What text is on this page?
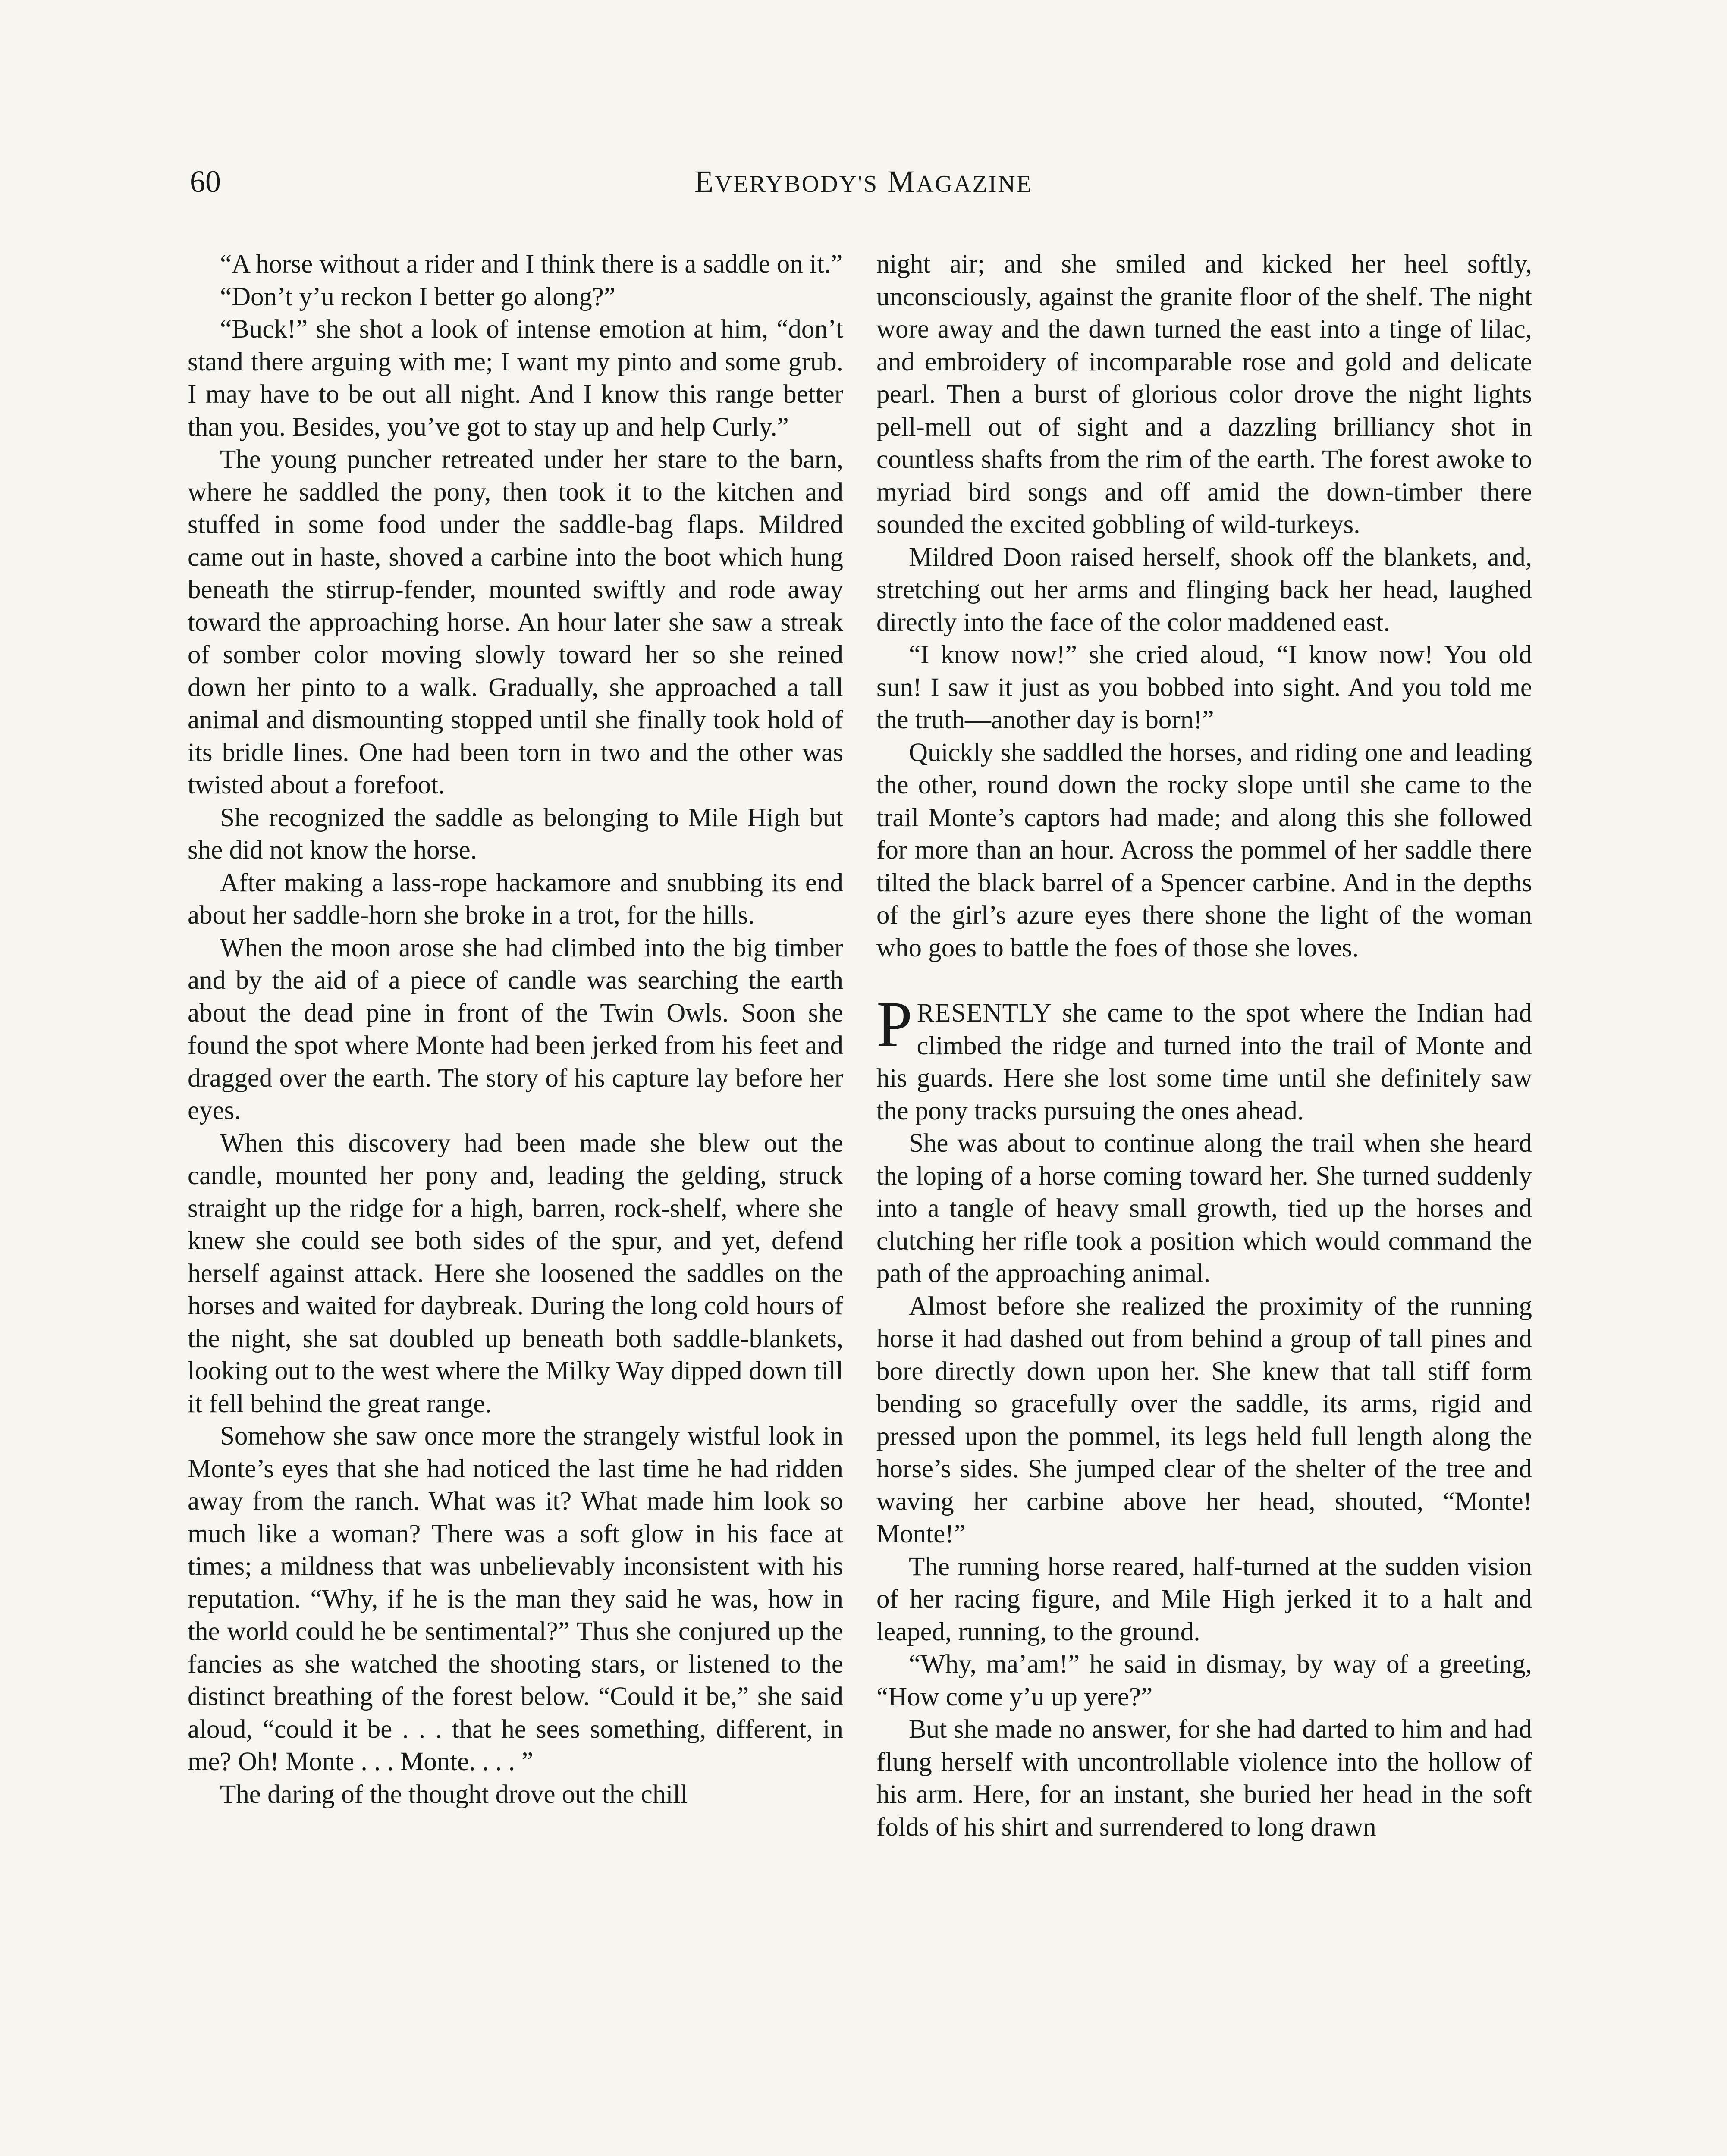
60	EVERYBODY'S MAGAZINE

“A horse without a rider and I think there is a saddle on it.”

“Don’t y’u reckon I better go along?”

“Buck!” she shot a look of intense emotion at him, “don’t stand there arguing with me; I want my pinto and some grub. I may have to be out all night. And I know this range better than you. Besides, you’ve got to stay up and help Curly.”

The young puncher retreated under her stare to the barn, where he saddled the pony, then took it to the kitchen and stuffed in some food under the saddle-bag flaps. Mildred came out in haste, shoved a carbine into the boot which hung beneath the stirrup-fender, mounted swiftly and rode away toward the approaching horse. An hour later she saw a streak of somber color moving slowly toward her so she reined down her pinto to a walk. Gradually, she approached a tall animal and dismounting stopped until she finally took hold of its bridle lines. One had been torn in two and the other was twisted about a forefoot.

She recognized the saddle as belonging to Mile High but she did not know the horse.

After making a lass-rope hackamore and snubbing its end about her saddle-horn she broke in a trot, for the hills.

When the moon arose she had climbed into the big timber and by the aid of a piece of candle was searching the earth about the dead pine in front of the Twin Owls. Soon she found the spot where Monte had been jerked from his feet and dragged over the earth. The story of his capture lay before her eyes.

When this discovery had been made she blew out the candle, mounted her pony and, leading the gelding, struck straight up the ridge for a high, barren, rock-shelf, where she knew she could see both sides of the spur, and yet, defend herself against attack. Here she loosened the saddles on the horses and waited for daybreak. During the long cold hours of the night, she sat doubled up beneath both saddle-blankets, looking out to the west where the Milky Way dipped down till it fell behind the great range.

Somehow she saw once more the strangely wistful look in Monte’s eyes that she had noticed the last time he had ridden away from the ranch. What was it? What made him look so much like a woman? There was a soft glow in his face at times; a mildness that was unbelievably inconsistent with his reputation. “Why, if he is the man they said he was, how in the world could he be sentimental?” Thus she conjured up the fancies as she watched the shooting stars, or listened to the distinct breathing of the forest below. “Could it be,” she said aloud, “could it be . . . that he sees something, different, in me? Oh! Monte . . . Monte. . . . ”

The daring of the thought drove out the chill

night air; and she smiled and kicked her heel softly, unconsciously, against the granite floor of the shelf. The night wore away and the dawn turned the east into a tinge of lilac, and embroidery of incomparable rose and gold and delicate pearl. Then a burst of glorious color drove the night lights pell-mell out of sight and a dazzling brilliancy shot in countless shafts from the rim of the earth. The forest awoke to myriad bird songs and off amid the down-timber there sounded the excited gobbling of wild-turkeys.

Mildred Doon raised herself, shook off the blankets, and, stretching out her arms and flinging back her head, laughed directly into the face of the color maddened east.

“I know now!” she cried aloud, “I know now! You old sun! I saw it just as you bobbed into sight. And you told me the truth—another day is born!”

Quickly she saddled the horses, and riding one and leading the other, round down the rocky slope until she came to the trail Monte’s captors had made; and along this she followed for more than an hour. Across the pommel of her saddle there tilted the black barrel of a Spencer carbine. And in the depths of the girl’s azure eyes there shone the light of the woman who goes to battle the foes of those she loves.

PRESENTLY she came to the spot where the Indian had climbed the ridge and turned into the trail of Monte and his guards. Here she lost some time until she definitely saw the pony tracks pursuing the ones ahead.

She was about to continue along the trail when she heard the loping of a horse coming toward her. She turned suddenly into a tangle of heavy small growth, tied up the horses and clutching her rifle took a position which would command the path of the approaching animal.

Almost before she realized the proximity of the running horse it had dashed out from behind a group of tall pines and bore directly down upon her. She knew that tall stiff form bending so gracefully over the saddle, its arms, rigid and pressed upon the pommel, its legs held full length along the horse’s sides. She jumped clear of the shelter of the tree and waving her carbine above her head, shouted, “Monte! Monte!”

The running horse reared, half-turned at the sudden vision of her racing figure, and Mile High jerked it to a halt and leaped, running, to the ground.

“Why, ma’am!” he said in dismay, by way of a greeting, “How come y’u up yere?”

But she made no answer, for she had darted to him and had flung herself with uncontrollable violence into the hollow of his arm. Here, for an instant, she buried her head in the soft folds of his shirt and surrendered to long drawn
